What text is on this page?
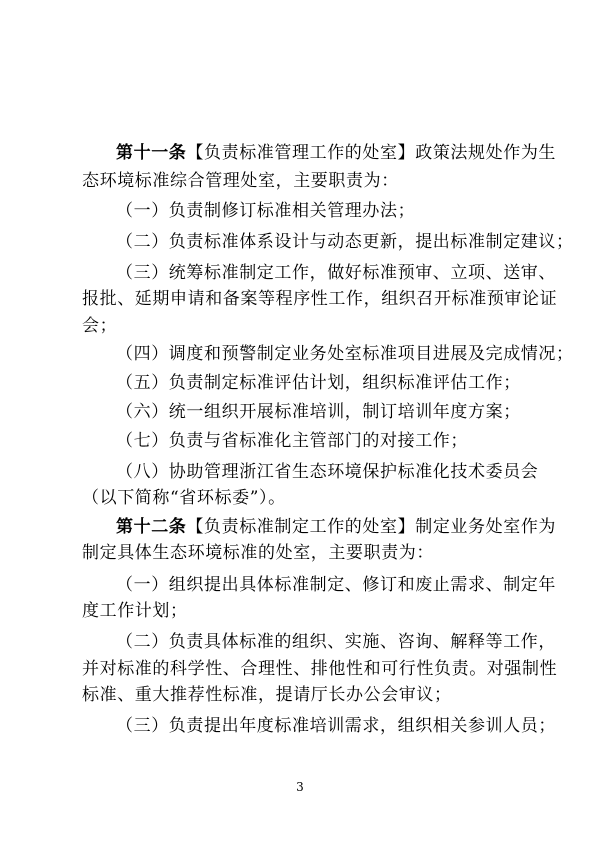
第十一条【负责标准管理工作的处室】政策法规处作为生
态环境标准综合管理处室，主要职责为：
（一）负责制修订标准相关管理办法；
（二）负责标准体系设计与动态更新，提出标准制定建议；
（三）统筹标准制定工作，做好标准预审、立项、送审、
报批、延期申请和备案等程序性工作，组织召开标准预审论证
会；
（四）调度和预警制定业务处室标准项目进展及完成情况；
（五）负责制定标准评估计划，组织标准评估工作；
（六）统一组织开展标准培训，制订培训年度方案；
（七）负责与省标准化主管部门的对接工作；
（八）协助管理浙江省生态环境保护标准化技术委员会
（以下简称“省环标委”）。
第十二条【负责标准制定工作的处室】制定业务处室作为
制定具体生态环境标准的处室，主要职责为：
（一）组织提出具体标准制定、修订和废止需求、制定年
度工作计划；
（二）负责具体标准的组织、实施、咨询、解释等工作，
并对标准的科学性、合理性、排他性和可行性负责。对强制性
标准、重大推荐性标准，提请厅长办公会审议；
（三）负责提出年度标准培训需求，组织相关参训人员；
3
